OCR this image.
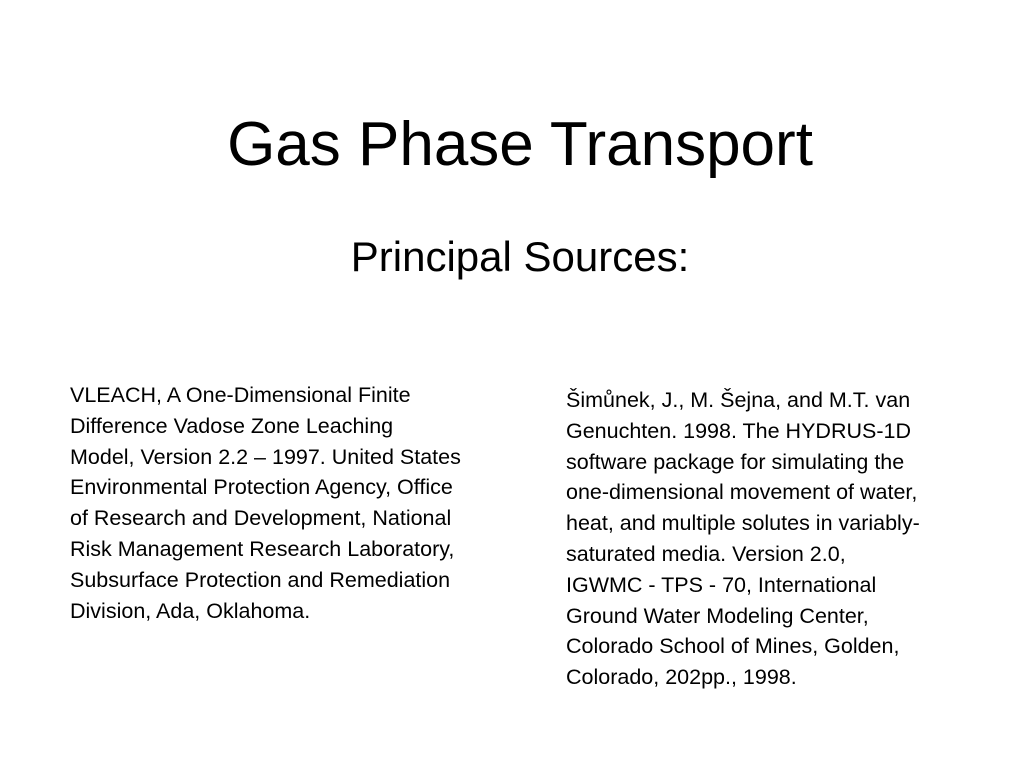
Gas Phase Transport
Principal Sources:

VLEACH, A One-Dimensional Finite
Difference Vadose Zone Leaching
Model, Version 2.2 – 1997. United States
Environmental Protection Agency, Office
of Research and Development, National
Risk Management Research Laboratory,
Subsurface Protection and Remediation
Division, Ada, Oklahoma.

Šimůnek, J., M. Šejna, and M.T. van
Genuchten. 1998. The HYDRUS-1D
software package for simulating the
one-dimensional movement of water,
heat, and multiple solutes in variably-
saturated media. Version 2.0,
IGWMC - TPS - 70, International
Ground Water Modeling Center,
Colorado School of Mines, Golden,
Colorado, 202pp., 1998.
